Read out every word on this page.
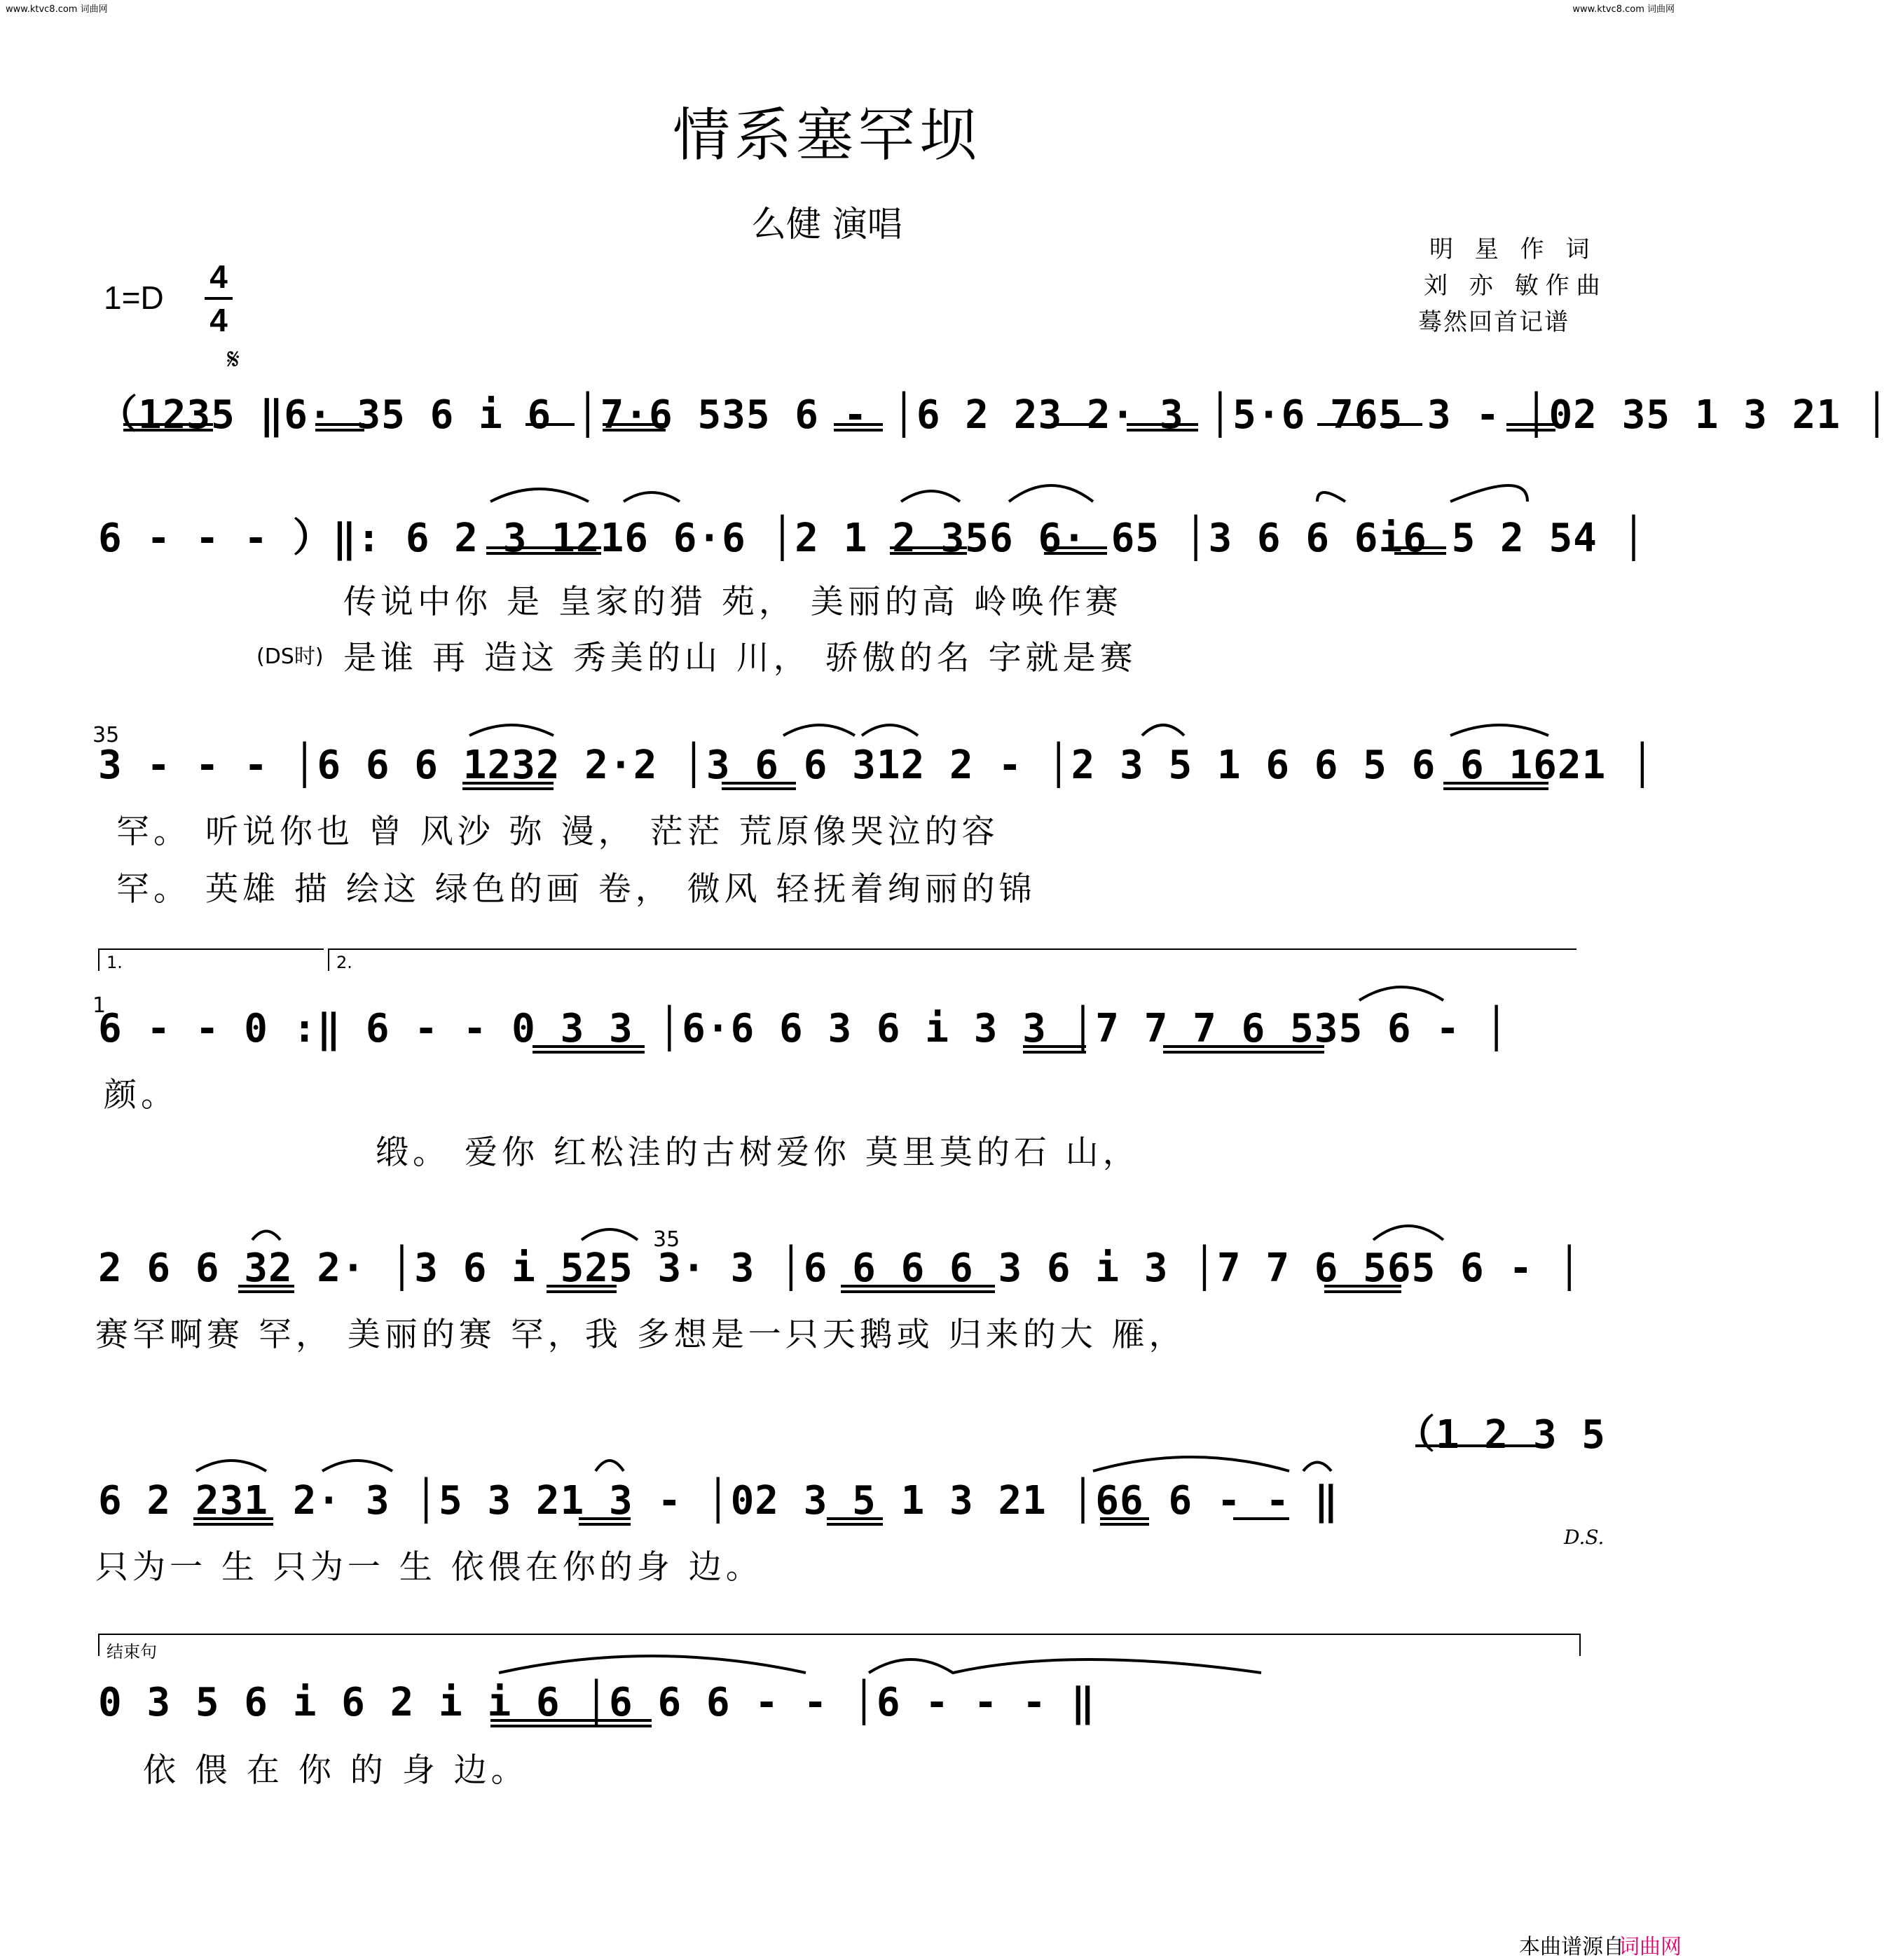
www.ktvc8.com 词曲网	www.ktvc8.com 词曲网
情系塞罕坝
么健 演唱
明 星 作 词
刘 亦 敏作曲
蓦然回首记谱
1=D
4
4
𝄋
（1235 ‖6· 35 6 i 6 │7·6 535 6 - │6 2 23 2· 3 │5·6 765 3 - │02 35 1 3 21 │
6 - - - ）‖: 6 2 3 1216 6·6 │2 1 2 356 6· 65 │3 6 6 6i6 5 2 54 │
传说中你 是 皇家的猎 苑， 美丽的高 岭唤作赛
(DS时) 是谁 再 造这 秀美的山 川， 骄傲的名 字就是赛
35
3 - - - │6 6 6 1232 2·2 │3 6 6 312 2 - │2 3 5 1 6 6 5 6 6 1621 │
罕。 听说你也 曾 风沙 弥 漫， 茫茫 荒原像哭泣的容
罕。 英雄 描 绘这 绿色的画 卷， 微风 轻抚着绚丽的锦
1.	2.
1
6 - - 0 :‖ 6 - - 0 3 3 │6·6 6 3 6 i 3 3 │7 7 7 6 535 6 - │
颜。
缎。 爱你 红松洼的古树爱你 莫里莫的石 山，
35
2 6 6 32 2· │3 6 i 525 3· 3 │6 6 6 6 3 6 i 3 │7 7 6 565 6 - │
赛罕啊赛 罕， 美丽的赛 罕，我 多想是一只天鹅或 归来的大 雁，
（1 2 3 5
6 2 231 2· 3 │5 3 21 3 - │02 3 5 1 3 21 │66 6 - - ‖
D.S.
只为一 生 只为一 生 依偎在你的身 边。
结束句
0 3 5 6 i 6 2 i i 6 │6 6 6 - - │6 - - - ‖
依 偎 在 你 的 身 边。
本曲谱源自
词曲网
